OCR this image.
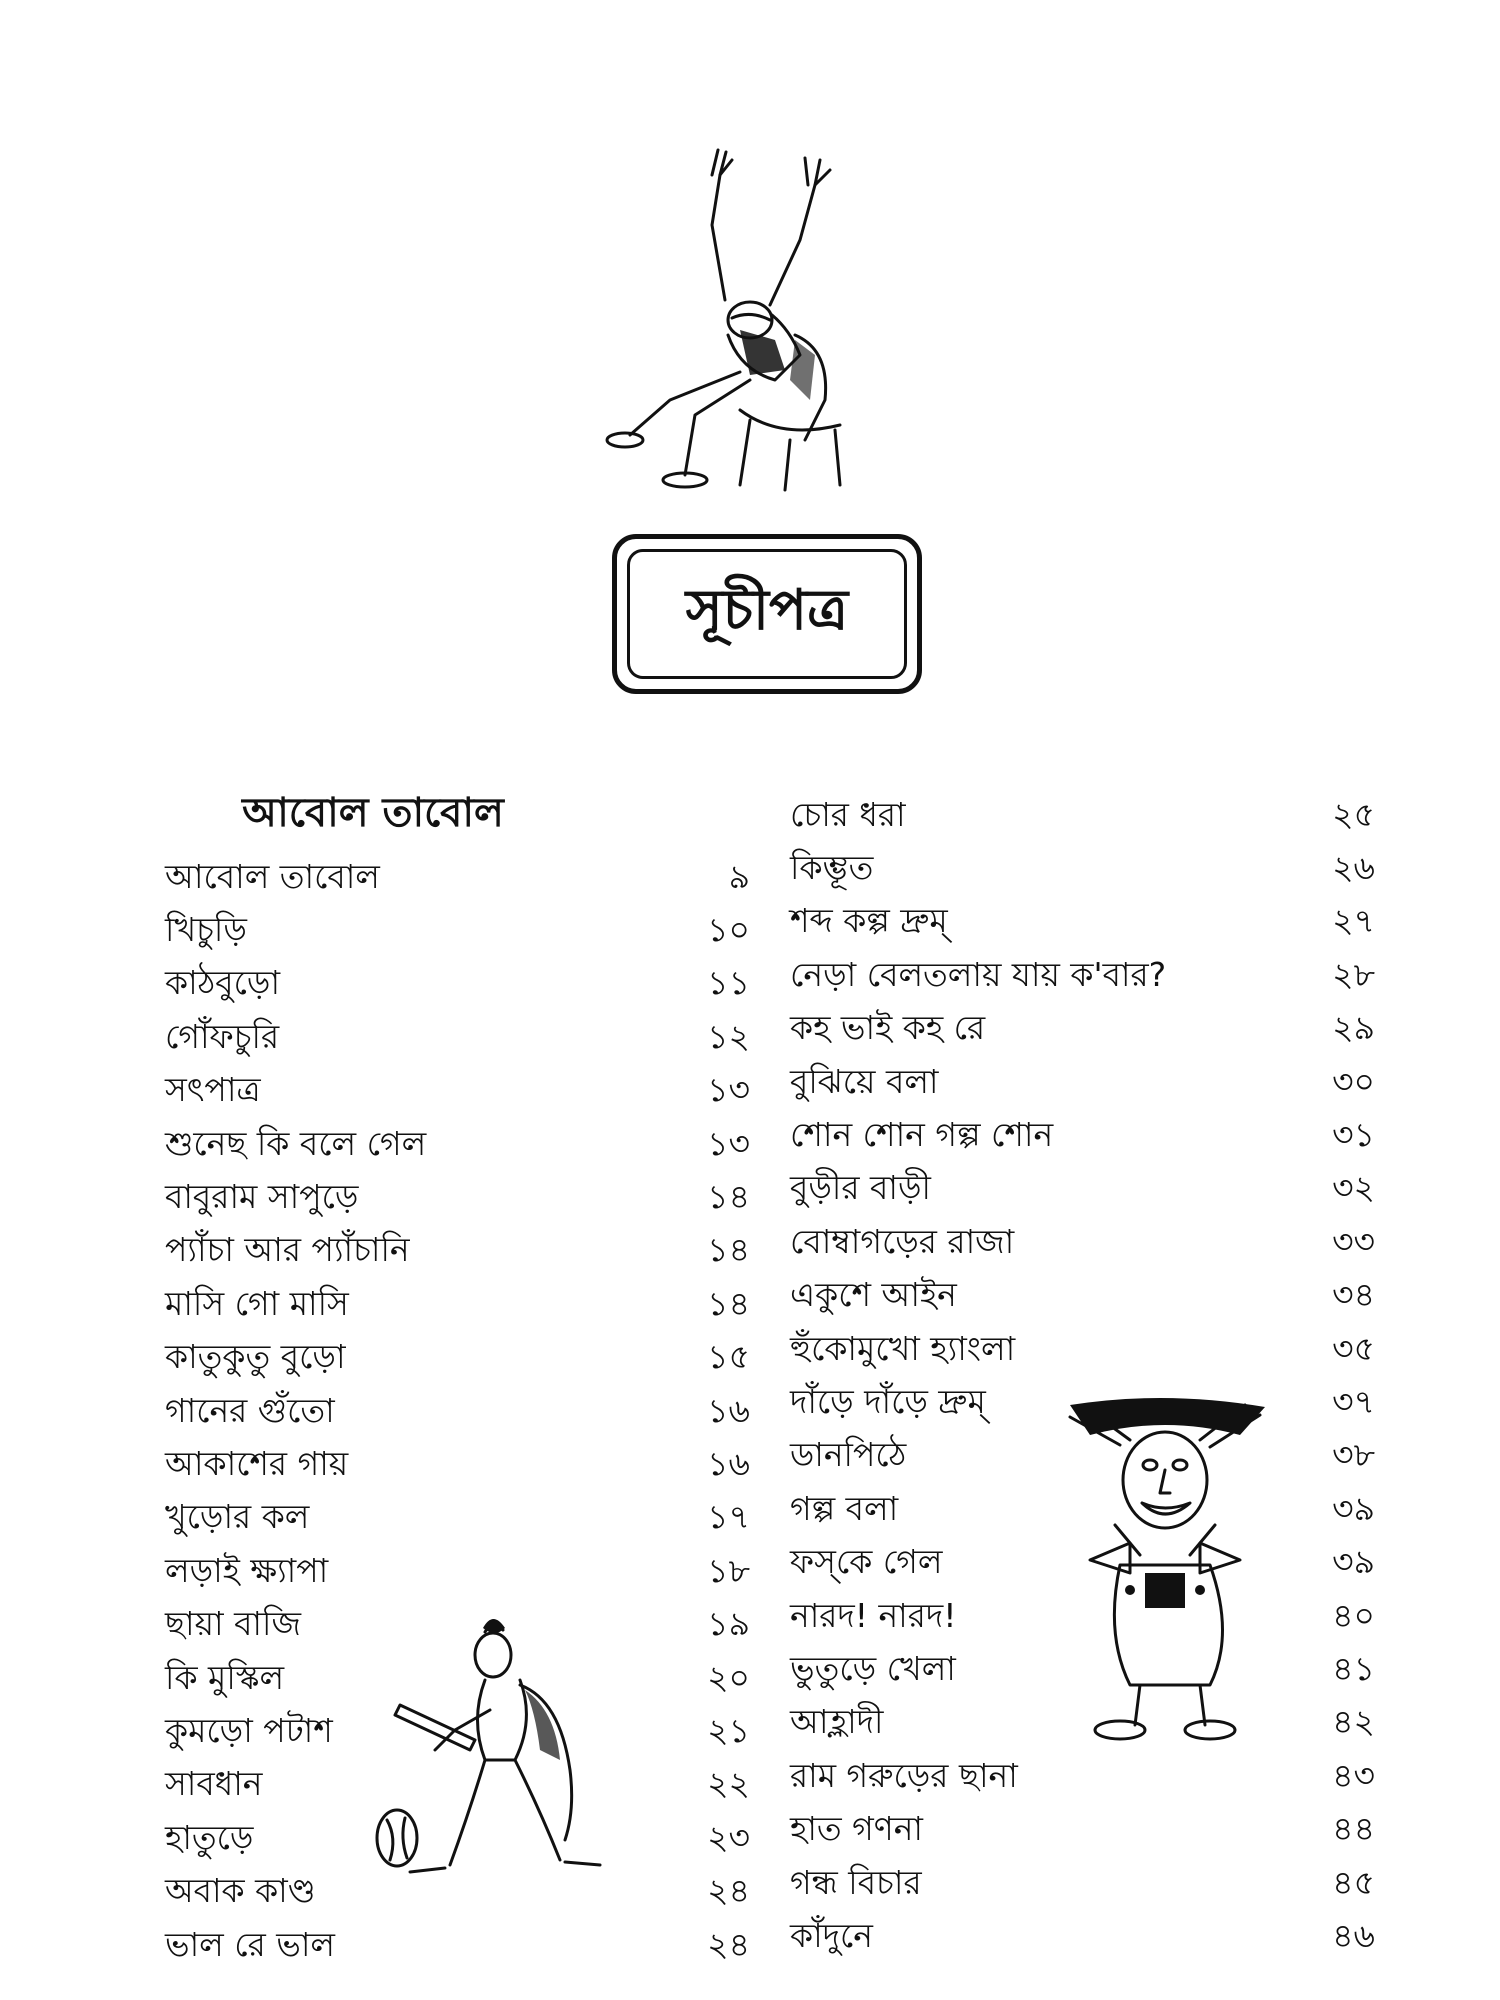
সূচীপত্র
আবোল তাবোল
আবোল তাবোল	৯
খিচুড়ি	১০
কাঠবুড়ো	১১
গোঁফচুরি	১২
সৎপাত্র	১৩
শুনেছ কি বলে গেল	১৩
বাবুরাম সাপুড়ে	১৪
প্যাঁচা আর প্যাঁচানি	১৪
মাসি গো মাসি	১৪
কাতুকুতু বুড়ো	১৫
গানের গুঁতো	১৬
আকাশের গায়	১৬
খুড়োর কল	১৭
লড়াই ক্ষ্যাপা	১৮
ছায়া বাজি	১৯
কি মুস্কিল	২০
কুমড়ো পটাশ	২১
সাবধান	২২
হাতুড়ে	২৩
অবাক কাণ্ড	২৪
ভাল রে ভাল	২৪
চোর ধরা	২৫
কিম্ভূত	২৬
শব্দ কল্প দ্রুম্	২৭
নেড়া বেলতলায় যায় ক'বার?	২৮
কহ ভাই কহ রে	২৯
বুঝিয়ে বলা	৩০
শোন শোন গল্প শোন	৩১
বুড়ীর বাড়ী	৩২
বোম্বাগড়ের রাজা	৩৩
একুশে আইন	৩৪
হুঁকোমুখো হ্যাংলা	৩৫
দাঁড়ে দাঁড়ে দ্রুম্	৩৭
ডানপিঠে	৩৮
গল্প বলা	৩৯
ফস্‌কে গেল	৩৯
নারদ! নারদ!	৪০
ভুতুড়ে খেলা	৪১
আহ্লাদী	৪২
রাম গরুড়ের ছানা	৪৩
হাত গণনা	৪৪
গন্ধ বিচার	৪৫
কাঁদুনে	৪৬
